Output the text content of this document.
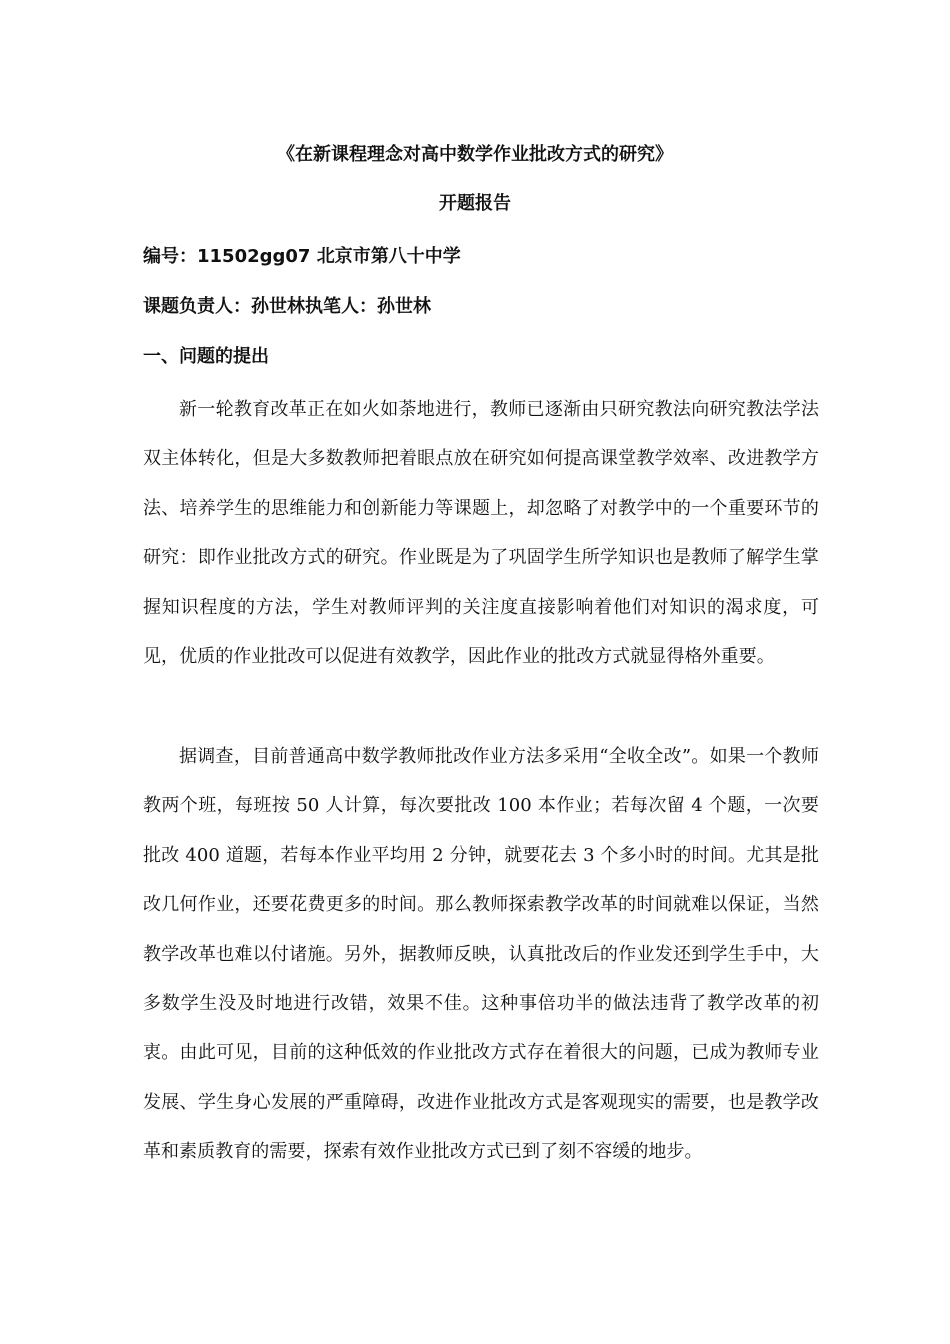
《在新课程理念对高中数学作业批改方式的研究》
开题报告
编号：11502gg07 北京市第八十中学
课题负责人：孙世林执笔人：孙世林
一、问题的提出
新一轮教育改革正在如火如荼地进行，教师已逐渐由只研究教法向研究教法学法双主体转化，但是大多数教师把着眼点放在研究如何提高课堂教学效率、改进教学方法、培养学生的思维能力和创新能力等课题上，却忽略了对教学中的一个重要环节的研究：即作业批改方式的研究。作业既是为了巩固学生所学知识也是教师了解学生掌握知识程度的方法，学生对教师评判的关注度直接影响着他们对知识的渴求度，可见，优质的作业批改可以促进有效教学，因此作业的批改方式就显得格外重要。
据调查，目前普通高中数学教师批改作业方法多采用“全收全改”。如果一个教师教两个班，每班按 50 人计算，每次要批改 100 本作业；若每次留 4 个题，一次要批改 400 道题，若每本作业平均用 2 分钟，就要花去 3 个多小时的时间。尤其是批改几何作业，还要花费更多的时间。那么教师探索教学改革的时间就难以保证，当然教学改革也难以付诸施。另外，据教师反映，认真批改后的作业发还到学生手中，大多数学生没及时地进行改错，效果不佳。这种事倍功半的做法违背了教学改革的初衷。由此可见，目前的这种低效的作业批改方式存在着很大的问题，已成为教师专业发展、学生身心发展的严重障碍，改进作业批改方式是客观现实的需要，也是教学改革和素质教育的需要，探索有效作业批改方式已到了刻不容缓的地步。
